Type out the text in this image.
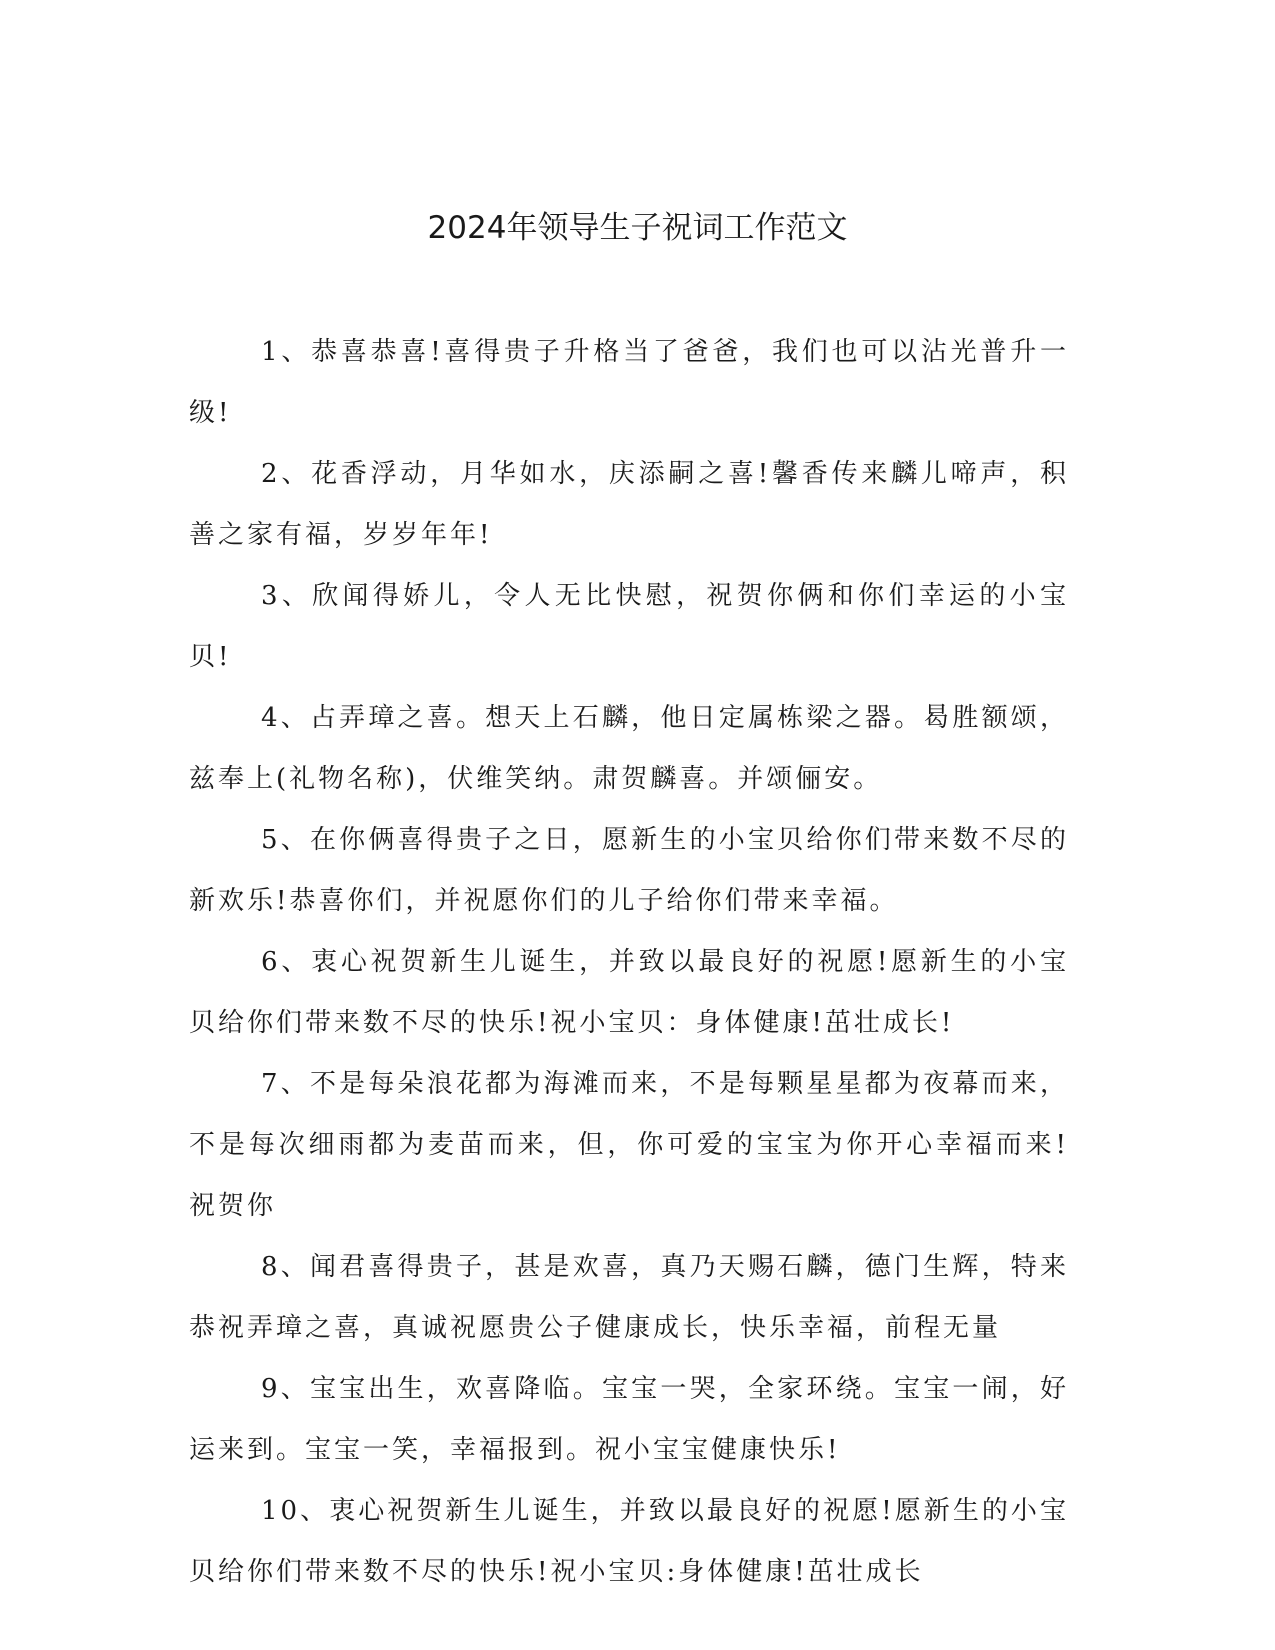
2024年领导生子祝词工作范文

1、恭喜恭喜!喜得贵子升格当了爸爸，我们也可以沾光普升一级!

2、花香浮动，月华如水，庆添嗣之喜!馨香传来麟儿啼声，积善之家有福，岁岁年年!

3、欣闻得娇儿，令人无比快慰，祝贺你俩和你们幸运的小宝贝!

4、占弄璋之喜。想天上石麟，他日定属栋梁之器。曷胜额颂，兹奉上(礼物名称)，伏维笑纳。肃贺麟喜。并颂俪安。

5、在你俩喜得贵子之日，愿新生的小宝贝给你们带来数不尽的新欢乐!恭喜你们，并祝愿你们的儿子给你们带来幸福。

6、衷心祝贺新生儿诞生，并致以最良好的祝愿!愿新生的小宝贝给你们带来数不尽的快乐!祝小宝贝：身体健康!茁壮成长!

7、不是每朵浪花都为海滩而来，不是每颗星星都为夜幕而来，不是每次细雨都为麦苗而来，但，你可爱的宝宝为你开心幸福而来!祝贺你

8、闻君喜得贵子，甚是欢喜，真乃天赐石麟，德门生辉，特来恭祝弄璋之喜，真诚祝愿贵公子健康成长，快乐幸福，前程无量

9、宝宝出生，欢喜降临。宝宝一哭，全家环绕。宝宝一闹，好运来到。宝宝一笑，幸福报到。祝小宝宝健康快乐!

10、衷心祝贺新生儿诞生，并致以最良好的祝愿!愿新生的小宝贝给你们带来数不尽的快乐!祝小宝贝:身体健康!茁壮成长
